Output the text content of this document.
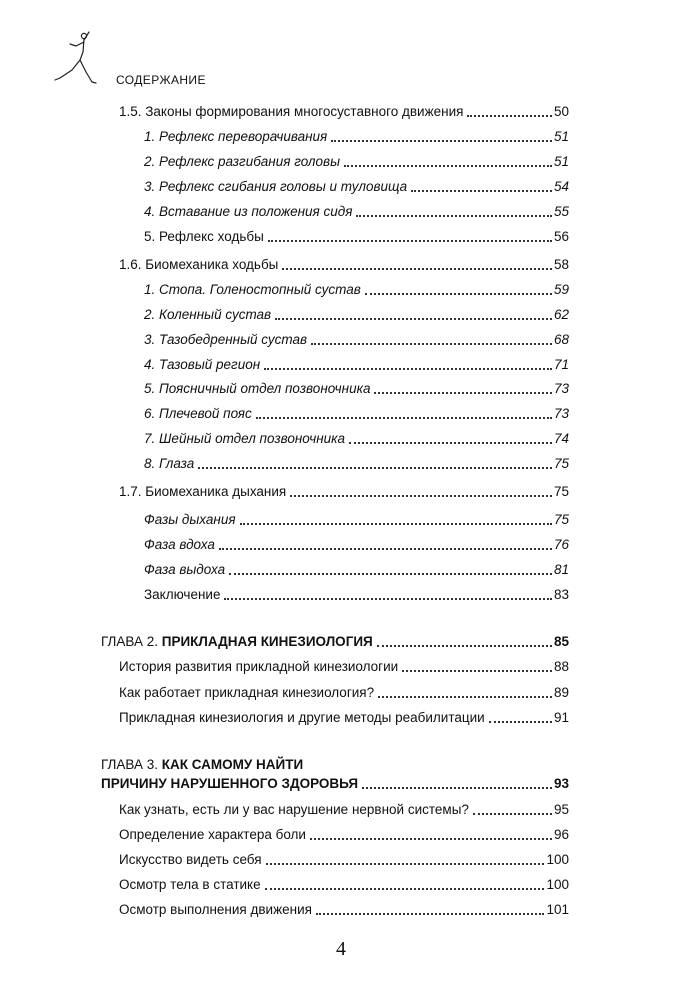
СОДЕРЖАНИЕ
1.5. Законы формирования многосуставного движения	50
1. Рефлекс переворачивания	51
2. Рефлекс разгибания головы	51
3. Рефлекс сгибания головы и туловища	54
4. Вставание из положения сидя	55
5. Рефлекс ходьбы	56
1.6. Биомеханика ходьбы	58
1. Стопа. Голеностопный сустав	59
2. Коленный сустав	62
3. Тазобедренный сустав	68
4. Тазовый регион	71
5. Поясничный отдел позвоночника	73
6. Плечевой пояс	73
7. Шейный отдел позвоночника	74
8. Глаза	75
1.7. Биомеханика дыхания	75
Фазы дыхания	75
Фаза вдоха	76
Фаза выдоха	81
Заключение	83
ГЛАВА 2. ПРИКЛАДНАЯ КИНЕЗИОЛОГИЯ	85
История развития прикладной кинезиологии	88
Как работает прикладная кинезиология?	89
Прикладная кинезиология и другие методы реабилитации	91
ГЛАВА 3. КАК САМОМУ НАЙТИ
ПРИЧИНУ НАРУШЕННОГО ЗДОРОВЬЯ	93
Как узнать, есть ли у вас нарушение нервной системы?	95
Определение характера боли	96
Искусство видеть себя	100
Осмотр тела в статике	100
Осмотр выполнения движения	101
4
